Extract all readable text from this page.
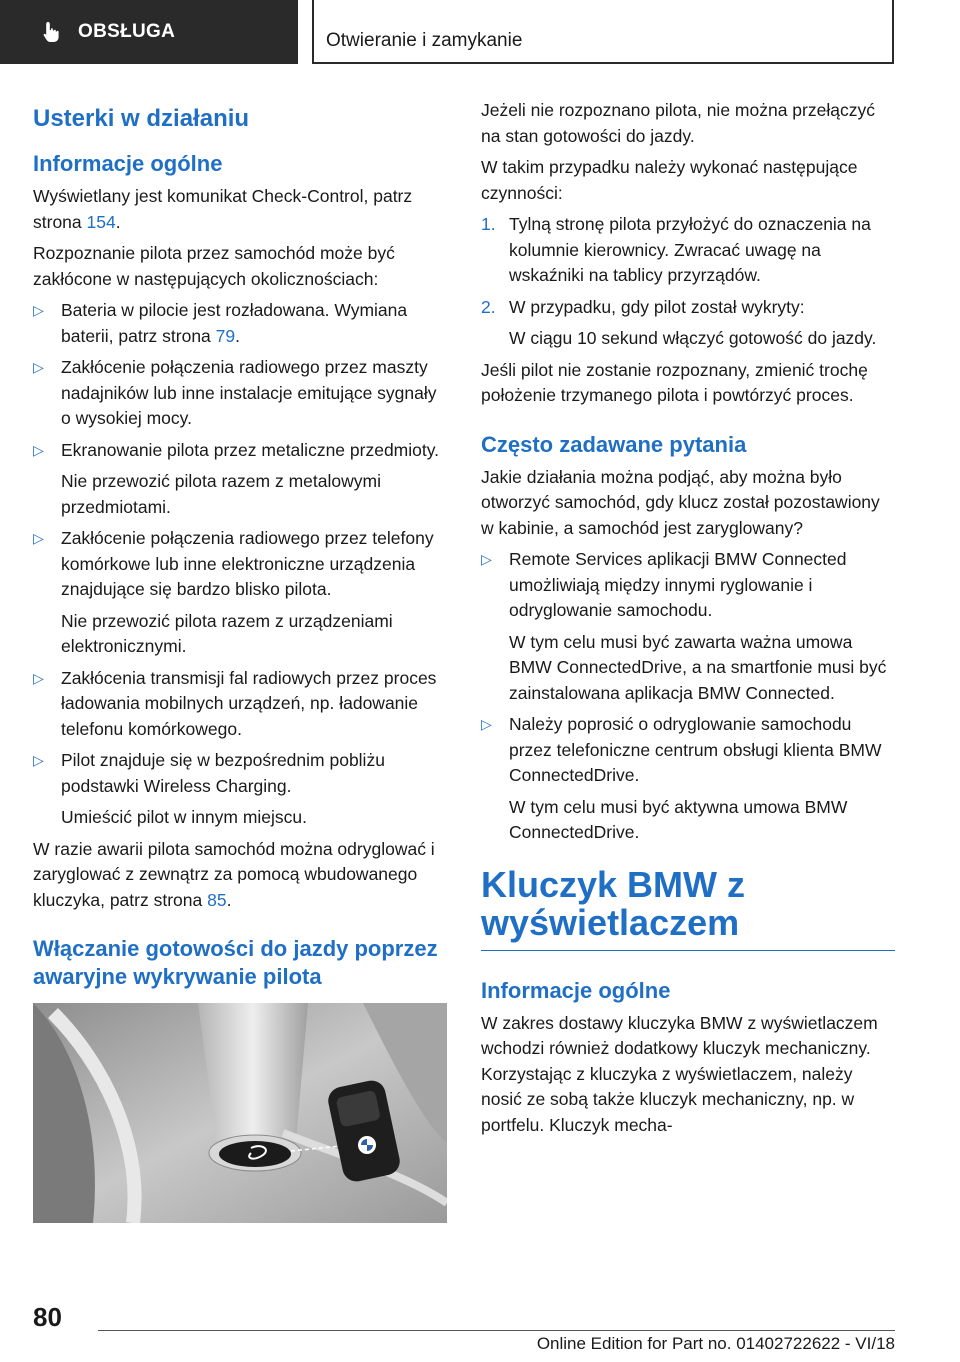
OBSŁUGA	Otwieranie i zamykanie
Usterki w działaniu
Informacje ogólne

Wyświetlany jest komunikat Check-Control, patrz strona 154.

Rozpoznanie pilota przez samochód może być zakłócone w następujących okolicznościach:

▷ Bateria w pilocie jest rozładowana. Wymiana baterii, patrz strona 79.
▷ Zakłócenie połączenia radiowego przez maszty nadajników lub inne instalacje emitujące sygnały o wysokiej mocy.
▷ Ekranowanie pilota przez metaliczne przedmioty.
Nie przewozić pilota razem z metalowymi przedmiotami.
▷ Zakłócenie połączenia radiowego przez telefony komórkowe lub inne elektroniczne urządzenia znajdujące się bardzo blisko pilota.
Nie przewozić pilota razem z urządzeniami elektronicznymi.
▷ Zakłócenia transmisji fal radiowych przez proces ładowania mobilnych urządzeń, np. ładowanie telefonu komórkowego.
▷ Pilot znajduje się w bezpośrednim pobliżu podstawki Wireless Charging.
Umieścić pilot w innym miejscu.

W razie awarii pilota samochód można odryglować i zaryglować z zewnątrz za pomocą wbudowanego kluczyka, patrz strona 85.

Włączanie gotowości do jazdy poprzez awaryjne wykrywanie pilota

Jeżeli nie rozpoznano pilota, nie można przełączyć na stan gotowości do jazdy.

W takim przypadku należy wykonać następujące czynności:

1. Tylną stronę pilota przyłożyć do oznaczenia na kolumnie kierownicy. Zwracać uwagę na wskaźniki na tablicy przyrządów.
2. W przypadku, gdy pilot został wykryty:
W ciągu 10 sekund włączyć gotowość do jazdy.

Jeśli pilot nie zostanie rozpoznany, zmienić trochę położenie trzymanego pilota i powtórzyć proces.

Często zadawane pytania

Jakie działania można podjąć, aby można było otworzyć samochód, gdy klucz został pozostawiony w kabinie, a samochód jest zaryglowany?

▷ Remote Services aplikacji BMW Connected umożliwiają między innymi ryglowanie i odryglowanie samochodu.
W tym celu musi być zawarta ważna umowa BMW ConnectedDrive, a na smartfonie musi być zainstalowana aplikacja BMW Connected.
▷ Należy poprosić o odryglowanie samochodu przez telefoniczne centrum obsługi klienta BMW ConnectedDrive.
W tym celu musi być aktywna umowa BMW ConnectedDrive.
Kluczyk BMW z wyświetlaczem
Informacje ogólne

W zakres dostawy kluczyka BMW z wyświetlaczem wchodzi również dodatkowy kluczyk mechaniczny. Korzystając z kluczyka z wyświetlaczem, należy nosić ze sobą także kluczyk mechaniczny, np. w portfelu. Kluczyk mecha-

80
Online Edition for Part no. 01402722622 - VI/18
